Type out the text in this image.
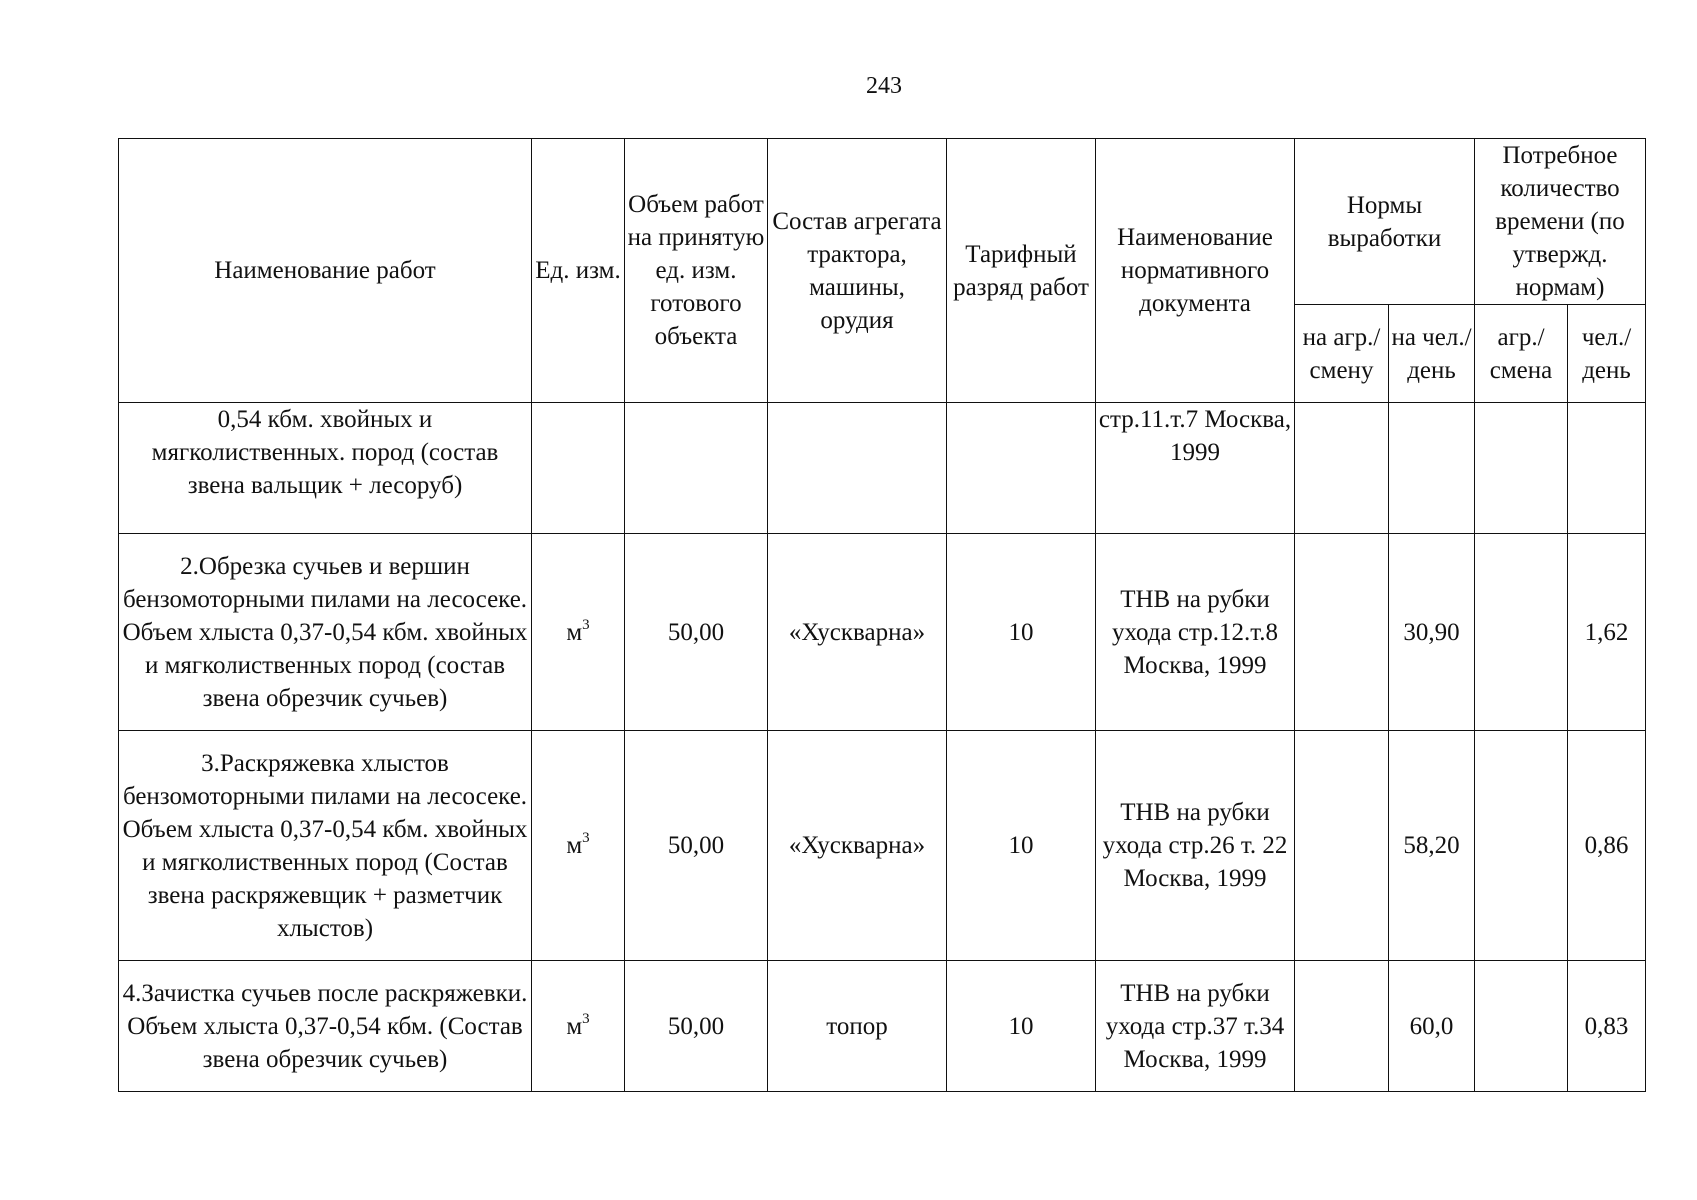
243
Наименование работ	Ед. изм.	Объем работ на принятую ед. изм. готового объекта	Состав агрегата трактора, машины, орудия	Тарифный разряд работ	Наименование нормативного документа	Нормы выработки		Потребное количество времени (по утвержд. нормам)	
						на агр./ смену	на чел./ день	агр./ смена	чел./ день
0,54 кбм. хвойных и мягколиственных. пород (состав звена вальщик + лесоруб)					стр.11.т.7 Москва, 1999				
2.Обрезка сучьев и вершин бензомоторными пилами на лесосеке. Объем хлыста 0,37-0,54 кбм. хвойных и мягколиственных пород (состав звена обрезчик сучьев)	$м^3$	50,00	«Хускварна»	10	ТНВ на рубки ухода стр.12.т.8 Москва, 1999		30,90		1,62
3.Раскряжевка хлыстов бензомоторными пилами на лесосеке. Объем хлыста 0,37-0,54 кбм. хвойных и мягколиственных пород (Состав звена раскряжевщик + разметчик хлыстов)	$м^3$	50,00	«Хускварна»	10	ТНВ на рубки ухода стр.26 т. 22 Москва, 1999		58,20		0,86
4.Зачистка сучьев после раскряжевки. Объем хлыста 0,37-0,54 кбм. (Состав звена обрезчик сучьев)	$м^3$	50,00	топор	10	ТНВ на рубки ухода стр.37 т.34 Москва, 1999		60,0		0,83
